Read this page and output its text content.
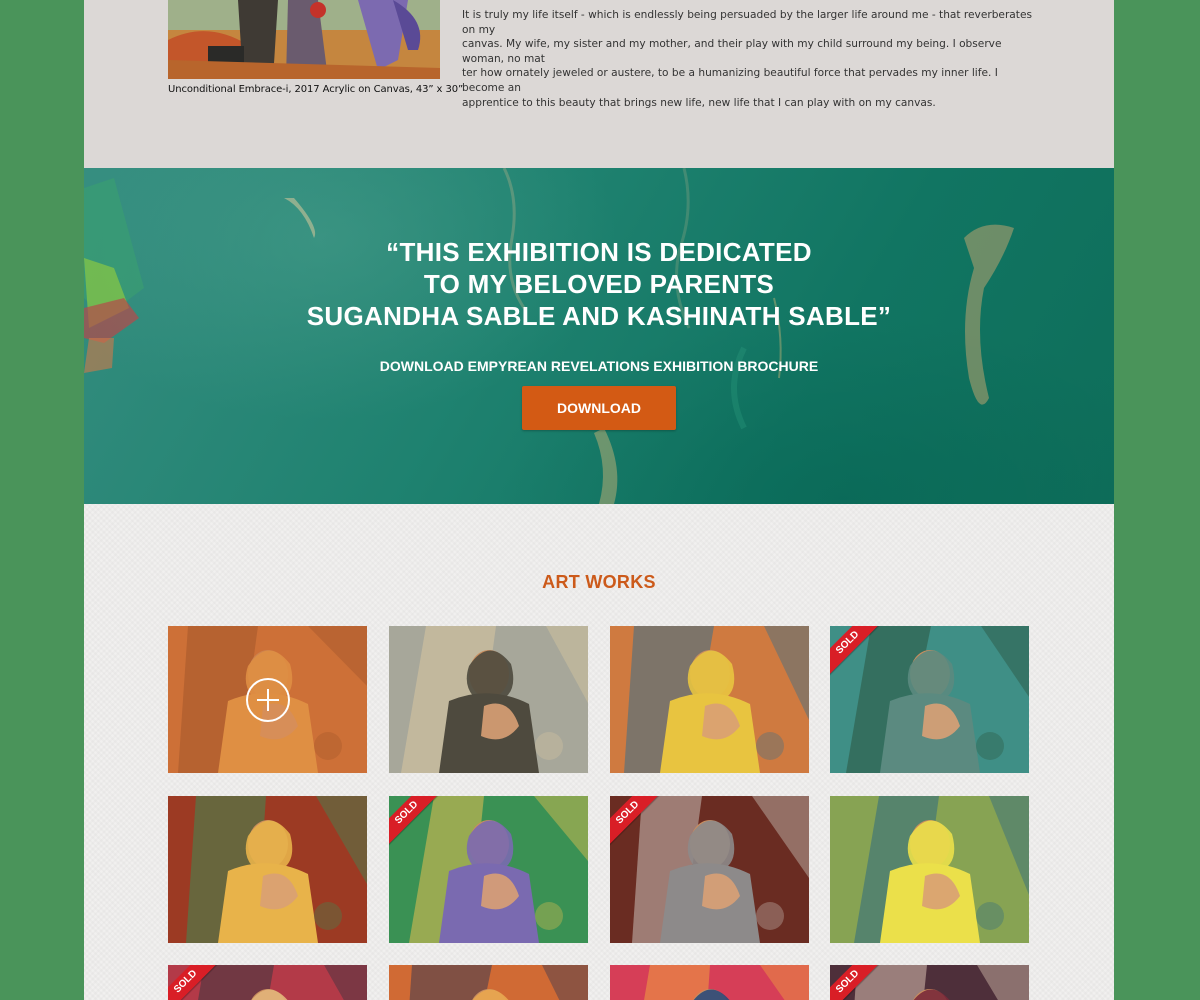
Unconditional Embrace-i, 2017 Acrylic on Canvas, 43” x 30”
It is truly my life itself - which is endlessly being persuaded by the larger life around me - that reverberates on my
canvas. My wife, my sister and my mother, and their play with my child surround my being. I observe woman, no mat
ter how ornately jeweled or austere, to be a humanizing beautiful force that pervades my inner life. I become an
apprentice to this beauty that brings new life, new life that I can play with on my canvas.
“THIS EXHIBITION IS DEDICATED
TO MY BELOVED PARENTS
SUGANDHA SABLE AND KASHINATH SABLE”
DOWNLOAD EMPYREAN REVELATIONS EXHIBITION BROCHURE
DOWNLOAD
ART WORKS
SOLD
SOLD	SOLD
SOLD	SOLD
